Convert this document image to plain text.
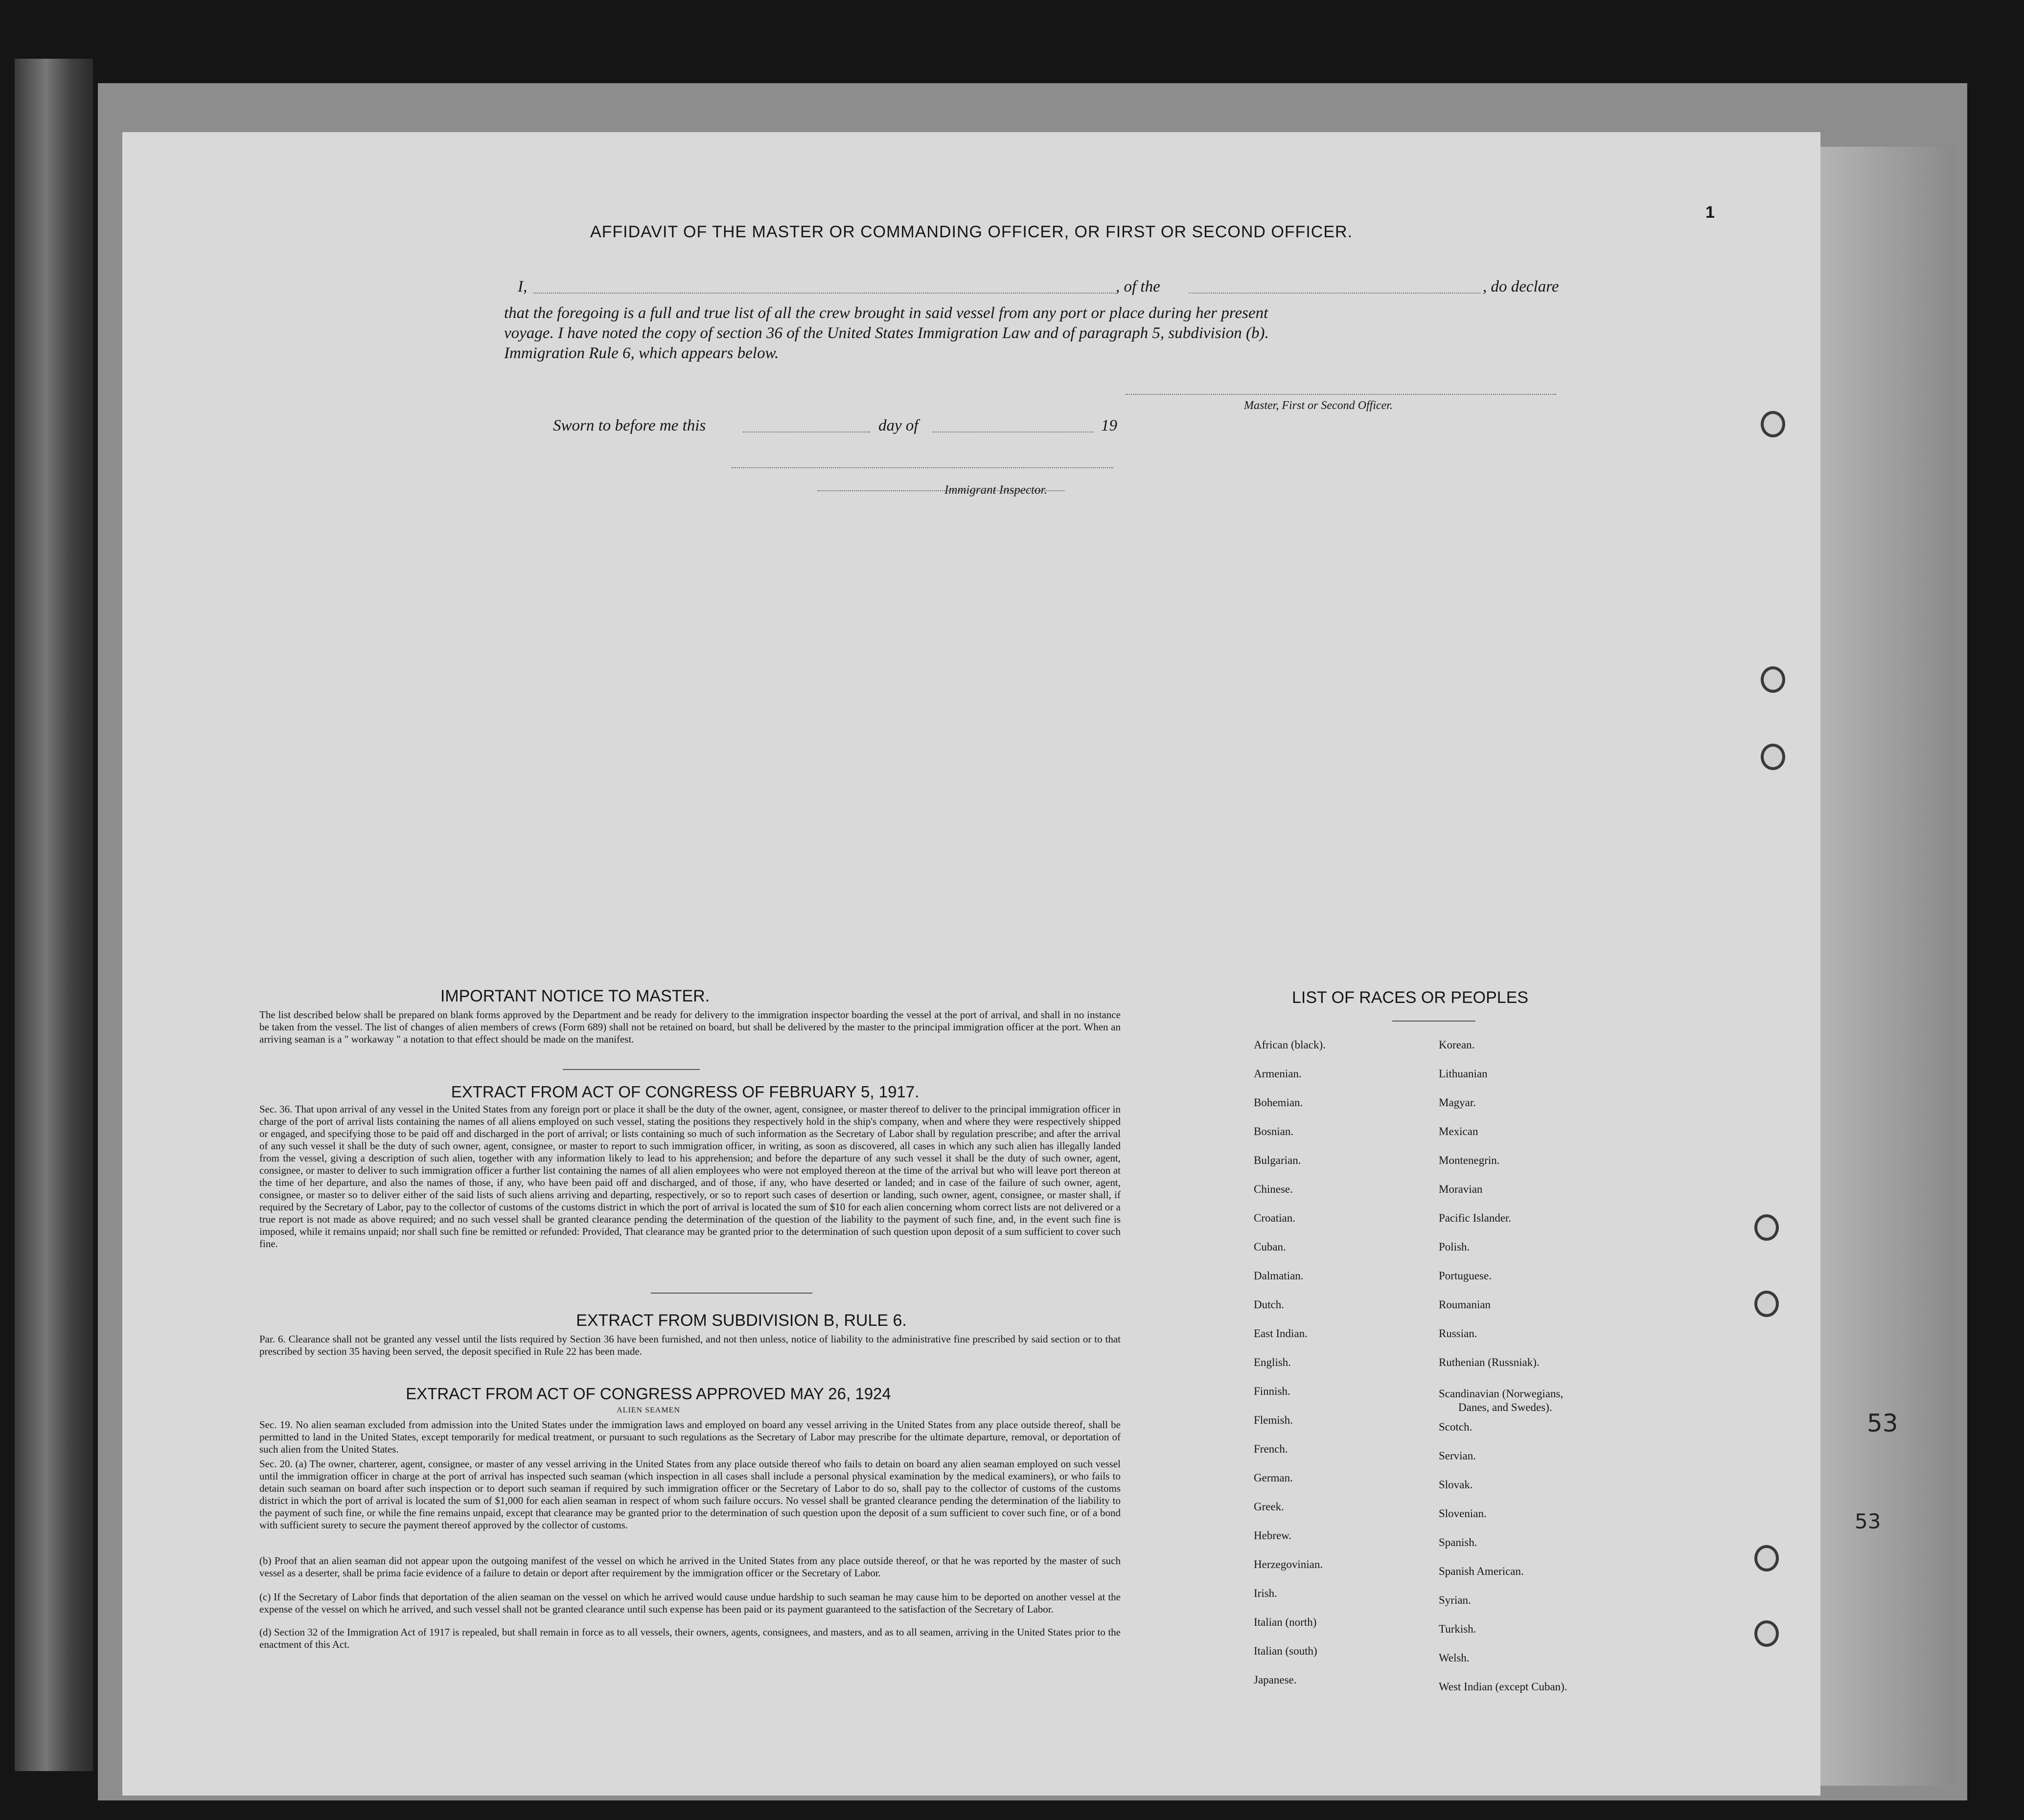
1
AFFIDAVIT OF THE MASTER OR COMMANDING OFFICER, OR FIRST OR SECOND OFFICER.
I,	, of the	, do declare
that the foregoing is a full and true list of all the crew brought in said vessel from any port or place during her present
voyage. I have noted the copy of section 36 of the United States Immigration Law and of paragraph 5, subdivision (b).
Immigration Rule 6, which appears below.
Master, First or Second Officer.
Sworn to before me this	day of	19
Immigrant Inspector.
IMPORTANT NOTICE TO MASTER.
The list described below shall be prepared on blank forms approved by the Department and be ready for delivery to the immigration inspector boarding the vessel at the port of arrival, and shall in no instance be taken from the vessel. The list of changes of alien members of crews (Form 689) shall not be retained on board, but shall be delivered by the master to the principal immigration officer at the port. When an arriving seaman is a " workaway " a notation to that effect should be made on the manifest.
EXTRACT FROM ACT OF CONGRESS OF FEBRUARY 5, 1917.
Sec. 36. That upon arrival of any vessel in the United States from any foreign port or place it shall be the duty of the owner, agent, consignee, or master thereof to deliver to the principal immigration officer in charge of the port of arrival lists containing the names of all aliens employed on such vessel, stating the positions they respectively hold in the ship's company, when and where they were respectively shipped or engaged, and specifying those to be paid off and discharged in the port of arrival; or lists containing so much of such information as the Secretary of Labor shall by regulation prescribe; and after the arrival of any such vessel it shall be the duty of such owner, agent, consignee, or master to report to such immigration officer, in writing, as soon as discovered, all cases in which any such alien has illegally landed from the vessel, giving a description of such alien, together with any information likely to lead to his apprehension; and before the departure of any such vessel it shall be the duty of such owner, agent, consignee, or master to deliver to such immigration officer a further list containing the names of all alien employees who were not employed thereon at the time of the arrival but who will leave port thereon at the time of her departure, and also the names of those, if any, who have been paid off and discharged, and of those, if any, who have deserted or landed; and in case of the failure of such owner, agent, consignee, or master so to deliver either of the said lists of such aliens arriving and departing, respectively, or so to report such cases of desertion or landing, such owner, agent, consignee, or master shall, if required by the Secretary of Labor, pay to the collector of customs of the customs district in which the port of arrival is located the sum of $10 for each alien concerning whom correct lists are not delivered or a true report is not made as above required; and no such vessel shall be granted clearance pending the determination of the question of the liability to the payment of such fine, and, in the event such fine is imposed, while it remains unpaid; nor shall such fine be remitted or refunded: Provided, That clearance may be granted prior to the determination of such question upon deposit of a sum sufficient to cover such fine.
EXTRACT FROM SUBDIVISION B, RULE 6.
Par. 6. Clearance shall not be granted any vessel until the lists required by Section 36 have been furnished, and not then unless, notice of liability to the administrative fine prescribed by said section or to that prescribed by section 35 having been served, the deposit specified in Rule 22 has been made.
EXTRACT FROM ACT OF CONGRESS APPROVED MAY 26, 1924
ALIEN SEAMEN
Sec. 19. No alien seaman excluded from admission into the United States under the immigration laws and employed on board any vessel arriving in the United States from any place outside thereof, shall be permitted to land in the United States, except temporarily for medical treatment, or pursuant to such regulations as the Secretary of Labor may prescribe for the ultimate departure, removal, or deportation of such alien from the United States.
Sec. 20. (a) The owner, charterer, agent, consignee, or master of any vessel arriving in the United States from any place outside thereof who fails to detain on board any alien seaman employed on such vessel until the immigration officer in charge at the port of arrival has inspected such seaman (which inspection in all cases shall include a personal physical examination by the medical examiners), or who fails to detain such seaman on board after such inspection or to deport such seaman if required by such immigration officer or the Secretary of Labor to do so, shall pay to the collector of customs of the customs district in which the port of arrival is located the sum of $1,000 for each alien seaman in respect of whom such failure occurs. No vessel shall be granted clearance pending the determination of the liability to the payment of such fine, or while the fine remains unpaid, except that clearance may be granted prior to the determination of such question upon the deposit of a sum sufficient to cover such fine, or of a bond with sufficient surety to secure the payment thereof approved by the collector of customs.
(b) Proof that an alien seaman did not appear upon the outgoing manifest of the vessel on which he arrived in the United States from any place outside thereof, or that he was reported by the master of such vessel as a deserter, shall be prima facie evidence of a failure to detain or deport after requirement by the immigration officer or the Secretary of Labor.
(c) If the Secretary of Labor finds that deportation of the alien seaman on the vessel on which he arrived would cause undue hardship to such seaman he may cause him to be deported on another vessel at the expense of the vessel on which he arrived, and such vessel shall not be granted clearance until such expense has been paid or its payment guaranteed to the satisfaction of the Secretary of Labor.
(d) Section 32 of the Immigration Act of 1917 is repealed, but shall remain in force as to all vessels, their owners, agents, consignees, and masters, and as to all seamen, arriving in the United States prior to the enactment of this Act.
LIST OF RACES OR PEOPLES
African (black).
Armenian.
Bohemian.
Bosnian.
Bulgarian.
Chinese.
Croatian.
Cuban.
Dalmatian.
Dutch.
East Indian.
English.
Finnish.
Flemish.
French.
German.
Greek.
Hebrew.
Herzegovinian.
Irish.
Italian (north)
Italian (south)
Japanese.
Korean.
Lithuanian
Magyar.
Mexican
Montenegrin.
Moravian
Pacific Islander.
Polish.
Portuguese.
Roumanian
Russian.
Ruthenian (Russniak).
Scandinavian (Norwegians,
Danes, and Swedes).
Scotch.
Servian.
Slovak.
Slovenian.
Spanish.
Spanish American.
Syrian.
Turkish.
Welsh.
West Indian (except Cuban).
53
53
